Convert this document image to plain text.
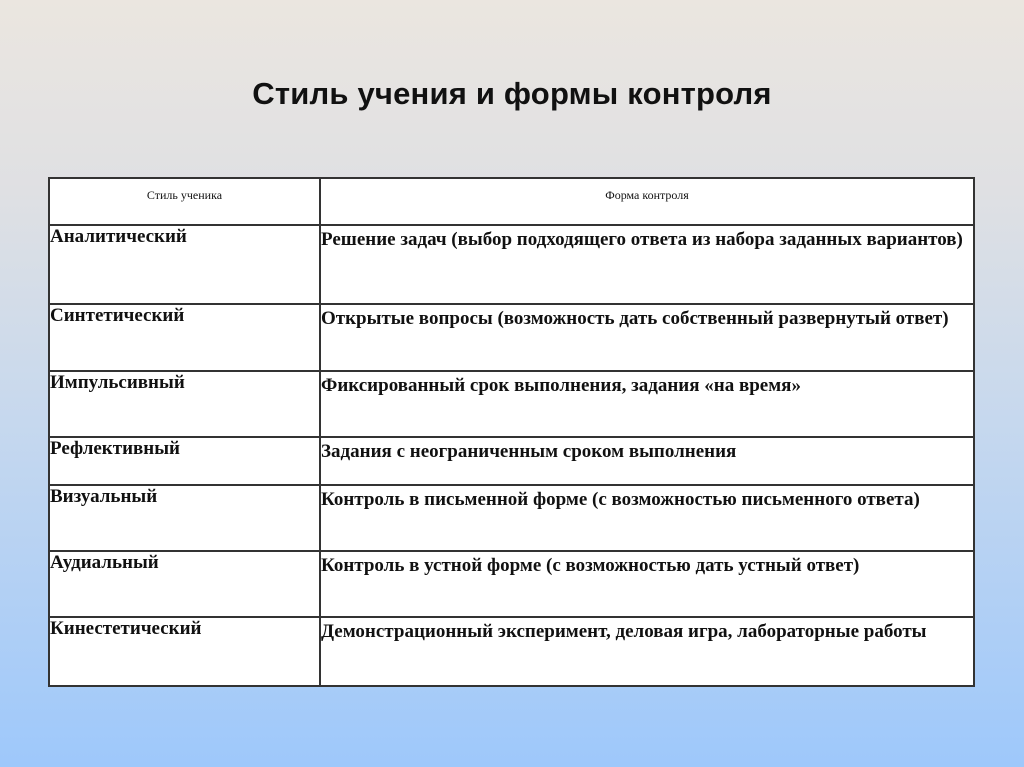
Стиль учения и формы контроля
Стиль ученика	Форма контроля
Аналитический	Решение задач (выбор подходящего ответа из набора заданных вариантов)

Синтетический	Открытые вопросы (возможность дать собственный развернутый ответ)

Импульсивный	Фиксированный срок выполнения, задания «на время»

Рефлективный	Задания с неограниченным сроком выполнения

Визуальный	Контроль в письменной форме (с возможностью письменного ответа)

Аудиальный	Контроль в устной форме (с возможностью дать устный ответ)

Кинестетический	Демонстрационный эксперимент, деловая игра, лабораторные работы
